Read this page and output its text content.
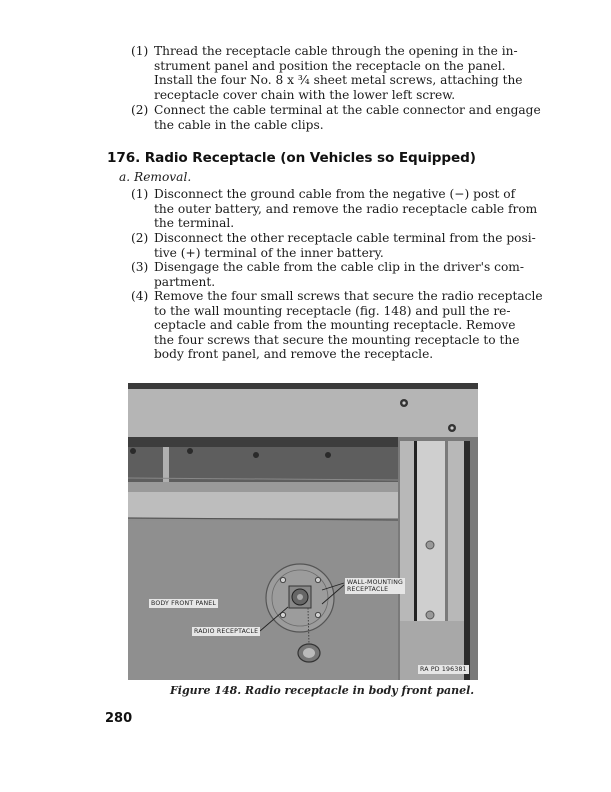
(1) Thread the receptacle cable through the opening in the in-
strument panel and position the receptacle on the panel.
Install the four No. 8 x ¾ sheet metal screws, attaching the
receptacle cover chain with the lower left screw.
(2) Connect the cable terminal at the cable connector and engage
the cable in the cable clips.
176. Radio Receptacle (on Vehicles so Equipped)
a. Removal.
(1) Disconnect the ground cable from the negative (−) post of
the outer battery, and remove the radio receptacle cable from
the terminal.
(2) Disconnect the other receptacle cable terminal from the posi-
tive (+) terminal of the inner battery.
(3) Disengage the cable from the cable clip in the driver's com-
partment.
(4) Remove the four small screws that secure the radio receptacle
to the wall mounting receptacle (fig. 148) and pull the re-
ceptacle and cable from the mounting receptacle. Remove
the four screws that secure the mounting receptacle to the
body front panel, and remove the receptacle.
WALL-MOUNTING
RECEPTACLE
BODY FRONT PANEL
RADIO RECEPTACLE
RA PD 196381
Figure 148. Radio receptacle in body front panel.
280
